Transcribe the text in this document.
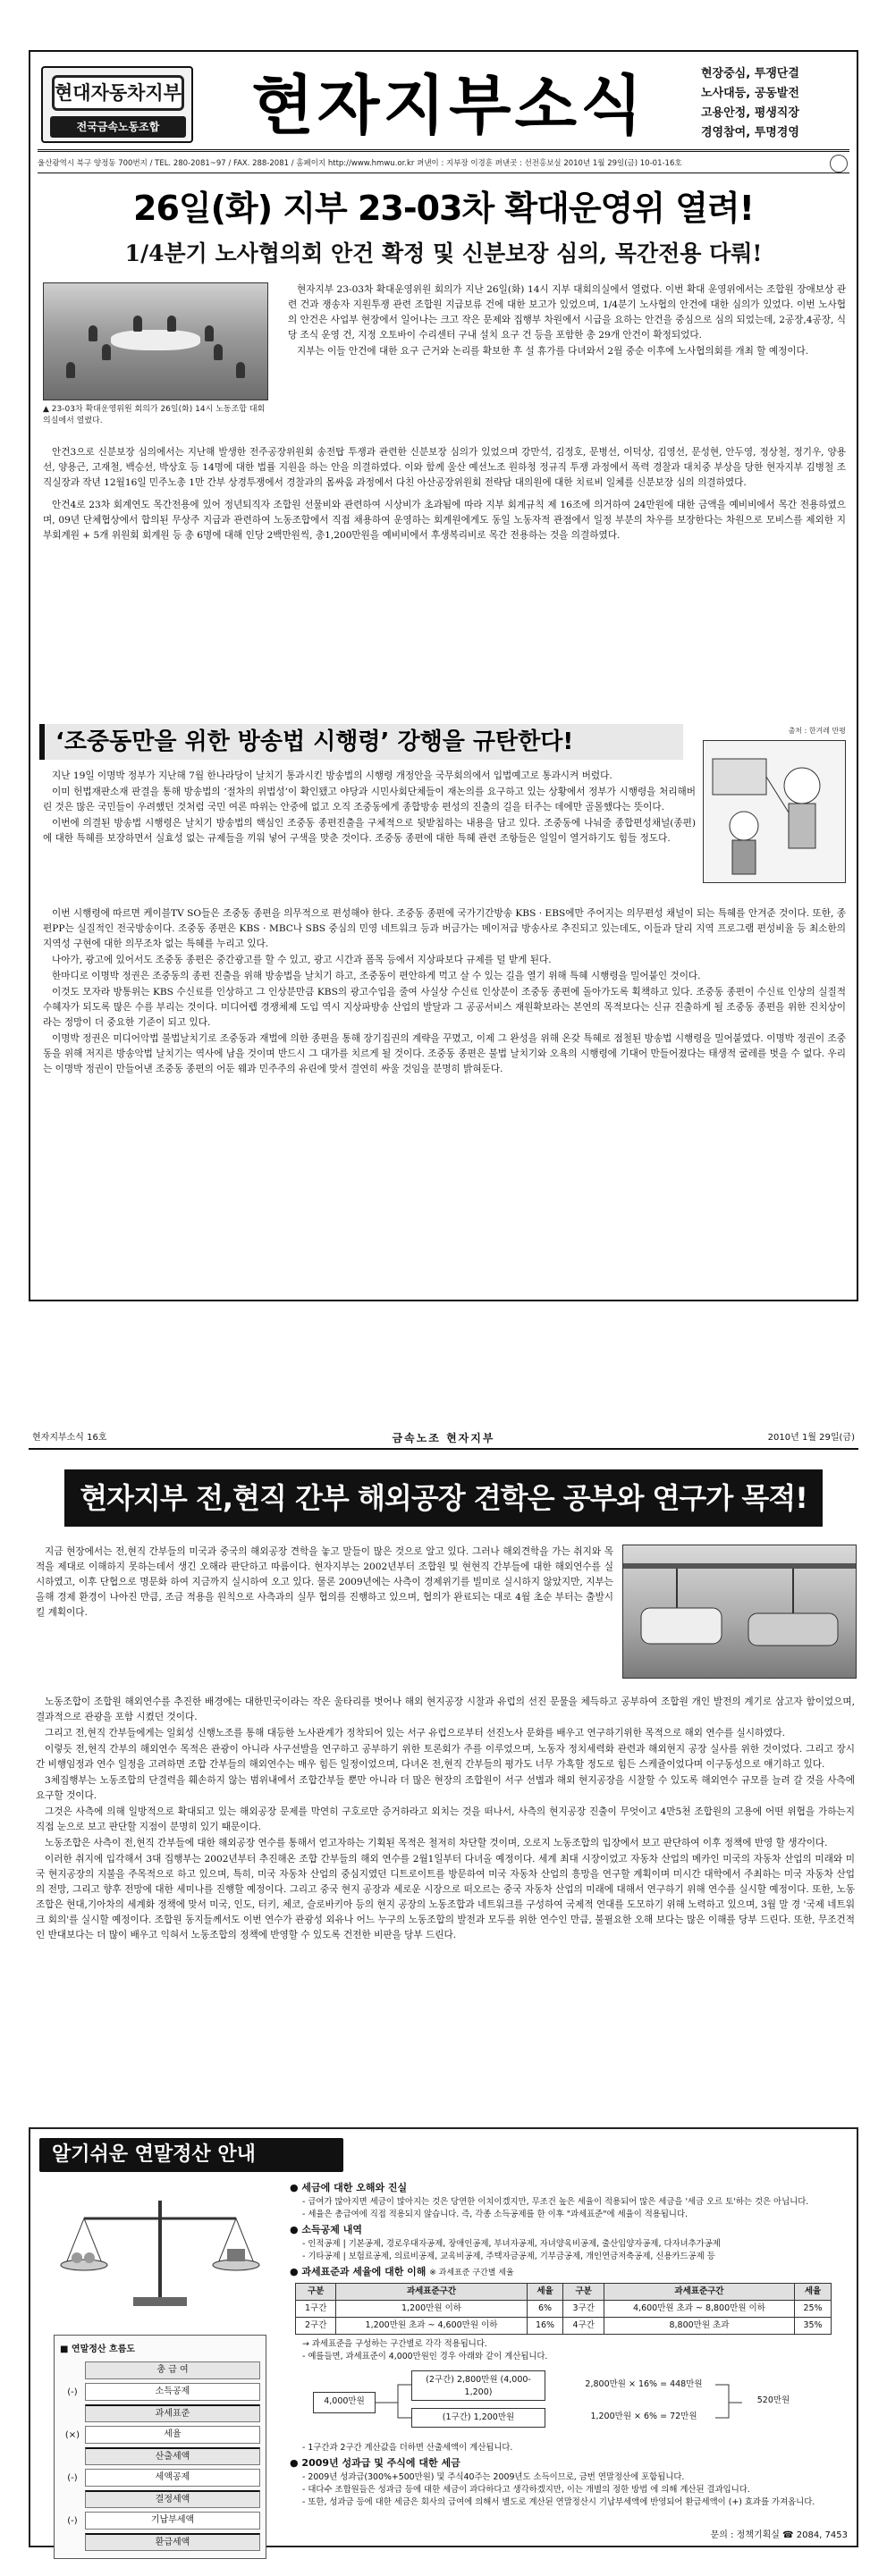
현대자동차지부
전국금속노동조합	현자지부소식	현장중심, 투쟁단결
노사대등, 공동발전
고용안정, 평생직장
경영참여, 투명경영
울산광역시 북구 양정동 700번지 / TEL. 280-2081~97 / FAX. 288-2081 / 홈페이지 http://www.hmwu.or.kr 펴낸이 : 지부장 이경훈 펴낸곳 : 선전홍보실 2010년 1월 29일(금) 10-01-16호
26일(화) 지부 23-03차 확대운영위 열려!
1/4분기 노사협의회 안건 확정 및 신분보장 심의, 목간전용 다뤄!
▲ 23-03차 확대운영위원 회의가 26일(화) 14시 노동조합 대회의실에서 열렸다.

현자지부 23-03차 확대운영위원 회의가 지난 26일(화) 14시 지부 대회의실에서 열렸다. 이번 확대 운영위에서는 조합원 장애보상 관련 건과 쟁송자 지원투쟁 관련 조합원 지급보류 건에 대한 보고가 있었으며, 1/4분기 노사협의 안건에 대한 심의가 있었다. 이번 노사협의 안건은 사업부 현장에서 일어나는 크고 작은 문제와 집행부 차원에서 시급을 요하는 안건을 중심으로 심의 되었는데, 2공장,4공장, 식당 조식 운영 건, 지정 오토바이 수리센터 구내 설치 요구 건 등을 포함한 총 29개 안건이 확정되었다.

지부는 이들 안건에 대한 요구 근거와 논리를 확보한 후 설 휴가를 다녀와서 2월 중순 이후에 노사협의회를 개최 할 예정이다.

안건3으로 신분보장 심의에서는 지난해 발생한 전주공장위원회 송전탑 투쟁과 관련한 신분보장 심의가 있었으며 강만석, 김정호, 문병선, 이덕상, 김영선, 문성현, 안두영, 정상철, 정기우, 양용선, 양용근, 고재철, 백승선, 박상호 등 14명에 대한 법률 지원을 하는 안을 의결하였다. 이와 함께 울산 예선노조 원하청 정규직 투쟁 과정에서 폭력 경찰과 대치중 부상을 당한 현자지부 김병철 조직실장과 작년 12월16일 민주노총 1만 간부 상경투쟁에서 경찰과의 몸싸움 과정에서 다친 아산공장위원회 전략담 대의원에 대한 치료비 일체를 신분보장 심의 의결하였다.

안건4로 23차 회계연도 목간전용에 있어 정년퇴직자 조합원 선물비와 관련하여 시상비가 초과됨에 따라 지부 회계규칙 제 16조에 의거하여 24만원에 대한 금액을 예비비에서 목간 전용하였으며, 09년 단체협상에서 합의된 무상주 지급과 관련하여 노동조합에서 직접 채용하여 운영하는 회계원에게도 동일 노동자적 관점에서 일정 부분의 차우를 보장한다는 차원으로 모비스를 제외한 지부회계원 + 5개 위원회 회계원 등 총 6명에 대해 인당 2백만원씩, 총1,200만원을 예비비에서 후생복리비로 목간 전용하는 것을 의결하였다.

‘조중동만을 위한 방송법 시행령’ 강행을 규탄한다!	출처 : 한겨레 만평

지난 19일 이명박 정부가 지난해 7월 한나라당이 날치기 통과시킨 방송법의 시행령 개정안을 국무회의에서 입법예고로 통과시켜 버렸다.

이미 헌법재판소재 판결을 통해 방송법의 ‘절차의 위법성’이 확인됐고 야당과 시민사회단체들이 재논의를 요구하고 있는 상황에서 정부가 시행령을 처리해버린 것은 많은 국민들이 우려했던 것처럼 국민 여론 따위는 안중에 없고 오직 조중동에게 종합방송 편성의 진출의 길을 터주는 데에만 골몰했다는 뜻이다.

이번에 의결된 방송법 시행령은 날치기 방송법의 핵심인 조중동 종편진출을 구체적으로 뒷받침하는 내용을 담고 있다. 조중동에 나눠줄 종합편성채널(종편)에 대한 특혜를 보장하면서 실효성 없는 규제들을 끼워 넣어 구색을 맞춘 것이다. 조중동 종편에 대한 특혜 관련 조항들은 일일이 열거하기도 힘들 정도다.

이번 시행령에 따르면 케이블TV SO들은 조중동 종편을 의무적으로 편성해야 한다. 조중동 종편에 국가기간방송 KBS · EBS에만 주어지는 의무편성 채널이 되는 특혜를 안겨준 것이다. 또한, 종편PP는 실질적인 전국방송이다. 조중동 종편은 KBS · MBC나 SBS 중심의 민영 네트워크 등과 버금가는 메이저급 방송사로 추진되고 있는데도, 이들과 달리 지역 프로그램 편성비율 등 최소한의 지역성 구현에 대한 의무조차 없는 특혜를 누리고 있다.

나아가, 광고에 있어서도 조중동 종편은 중간광고를 할 수 있고, 광고 시간과 폼목 등에서 지상파보다 규제를 덜 받게 된다.

한마디로 이명박 정권은 조중동의 종편 진출을 위해 방송법을 날치기 하고, 조중동이 편안하게 먹고 살 수 있는 길을 열기 위해 특혜 시행령을 밀어붙인 것이다.

이것도 모자라 방통위는 KBS 수신료를 인상하고 그 인상분만큼 KBS의 광고수입을 줄여 사실상 수신료 인상분이 조중동 종편에 돌아가도록 획책하고 있다. 조중동 종편이 수신료 인상의 실질적 수혜자가 되도록 많은 수를 부리는 것이다. 미디어렙 경쟁체제 도입 역시 지상파방송 산업의 발달과 그 공공서비스 재원확보라는 본연의 목적보다는 신규 진출하게 될 조중동 종편을 위한 진치상이라는 정망이 더 중요한 기준이 되고 있다.

이명박 정권은 미디어악법 불법날치기로 조중동과 재벌에 의한 종편을 통해 장기집권의 계략을 꾸몄고, 이제 그 완성을 위해 온갖 특혜로 점철된 방송법 시행령을 밀어붙였다. 이명박 정권이 조중동을 위해 저지른 방송악법 날치기는 역사에 남을 것이며 반드시 그 대가를 치르게 될 것이다. 조중동 종편은 불법 날치기와 오욕의 시행령에 기대어 만들어졌다는 태생적 굴레를 벗을 수 없다. 우리는 이명박 정권이 만들어낸 조중동 종편의 어둔 웨과 민주주의 유린에 맞서 결연히 싸울 것임을 분명히 밝혀둔다.

금속노조 현자지부
현자지부소식 16호	2010년 1월 29일(금)
현자지부 전,현직 간부 해외공장 견학은 공부와 연구가 목적!

지금 현장에서는 전,현직 간부들의 미국과 중국의 해외공장 견학을 놓고 말들이 많은 것으로 알고 있다. 그러나 해외견학을 가는 취지와 목적을 제대로 이해하지 못하는데서 생긴 오해라 판단하고 따름이다. 현자지부는 2002년부터 조합원 및 현현직 간부들에 대한 해외연수를 실시하였고, 이후 단협으로 명문화 하여 지금까지 실시하여 오고 있다. 물론 2009년에는 사측이 경제위기를 빌미로 실시하지 않았지만, 지부는 올해 경제 환경이 나아진 만큼, 조금 적용을 원칙으로 사측과의 실무 협의를 진행하고 있으며, 협의가 완료되는 대로 4월 초순 부터는 출발시킬 계획이다.

노동조합이 조합원 해외연수를 추진한 배경에는 대한민국이라는 작은 울타리를 벗어나 해외 현지공장 시찰과 유럽의 선진 문물을 체득하고 공부하여 조합원 개인 발전의 계기로 삼고자 함이었으며, 결과적으로 관광을 포함 시켰던 것이다.

그리고 전,현직 간부들에게는 일회성 신행노조를 통해 대등한 노사관계가 정착되어 있는 서구 유럽으로부터 선진노사 문화를 배우고 연구하기위한 목적으로 해외 연수를 실시하였다.

이렇듯 전,현직 간부의 해외연수 목적은 관광이 아니라 사구선발을 연구하고 공부하기 위한 토론회가 주를 이루었으며, 노동자 정치세력화 관련과 해외현지 공장 실사를 위한 것이었다. 그리고 장시간 비행임정과 연수 일정을 고려하면 조합 간부들의 해외연수는 매우 힘든 일정이었으며, 다녀온 전,현직 간부들의 평가도 너무 가혹할 정도로 힘든 스케쥴이었다며 이구동성으로 얘기하고 있다.

3체집행부는 노동조합의 단결력을 훼손하지 않는 범위내에서 조합간부들 뿐만 아니라 더 많은 현장의 조합원이 서구 선볍과 해외 현지공장을 시찰할 수 있도록 해외연수 규모를 늘려 갈 것을 사측에 요구할 것이다.

그것은 사측에 의해 일방적으로 확대되고 있는 해외공장 문제를 막연히 구호로만 증거하라고 외치는 것을 떠나서, 사측의 현지공장 진출이 무엇이고 4만5천 조합원의 고용에 어떤 위협을 가하는지 직접 눈으로 보고 판단할 지점이 분명히 있기 때문이다.

노동조합은 사측이 전,현직 간부들에 대한 해외공장 연수를 통해서 얻고자하는 기획된 목적은 철저히 차단할 것이며, 오로지 노동조합의 입장에서 보고 판단하여 이후 정책에 반영 할 생각이다.

이러한 취지에 입각해서 3대 집행부는 2002년부터 추진해온 조합 간부들의 해외 연수를 2월1일부터 다녀올 예정이다. 세계 최대 시장이었고 자동차 산업의 메카인 미국의 자동차 산업의 미래와 미국 현지공장의 지불을 주목적으로 하고 있으며, 특히, 미국 자동차 산업의 중심지였던 디트로이트를 방문하여 미국 자동차 산업의 흥망을 연구할 계획이며 미시간 대학에서 주최하는 미국 자동차 산업의 전망, 그리고 향후 전망에 대한 세미나를 진행할 예정이다. 그리고 중국 현지 공장과 세로운 시장으로 떠오르는 중국 자동차 산업의 미래에 대해서 연구하기 위해 연수를 실시할 예정이다. 또한, 노동조합은 현대,기아차의 세계화 정책에 맞서 미국, 인도, 터키, 체코, 슬로바키아 등의 현지 공장의 노동조합과 네트워크를 구성하여 국제적 연대를 도모하기 위해 노력하고 있으며, 3월 말 경 '국제 네트워크 회의'를 실시할 예정이다. 조합원 동지들께서도 이번 연수가 관광성 외유나 어느 누구의 노동조합의 발전과 모두를 위한 연수인 만큼, 불필요한 오해 보다는 많은 이해를 당부 드린다. 또한, 무조건적인 반대보다는 더 많이 배우고 익혀서 노동조합의 정책에 반영할 수 있도록 건전한 비판을 당부 드린다.

알기쉬운 연말정산 안내
■ 연말정산 흐름도
총 급 여
(-)	소득공제
과세표준
(×)	세율
산출세액
(-)	세액공제
결정세액
(-)	기납부세액
환급세액
● 세금에 대한 오해와 진실
- 급여가 많아지면 세금이 많아지는 것은 당연한 이치이겠지만, 무조건 높은 세율이 적용되어 많은 세금을 '세금 오르 토'하는 것은 아닙니다.
- 세율은 총급여에 직접 적용되지 않습니다. 즉, 각종 소득공제를 한 이후 "과세표준"에 세율이 적용됩니다.
● 소득공제 내역
- 인적공제 | 기본공제, 경로우대자공제, 장애인공제, 부녀자공제, 자녀양육비공제, 출산입양자공제, 다자녀추가공제
- 기타공제 | 보험료공제, 의료비공제, 교육비공제, 주택자금공제, 기부금공제, 개인연금저축공제, 신용카드공제 등
● 과세표준과 세율에 대한 이해 ※ 과세표준 구간별 세율
구분	과세표준구간	세율	구분	과세표준구간	세율
1구간	1,200만원 이하	6%	3구간	4,600만원 초과 ~ 8,800만원 이하	25%
2구간	1,200만원 초과 ~ 4,600만원 이하	16%	4구간	8,800만원 초과	35%
→ 과세표준을 구성하는 구간별로 각각 적용됩니다.
- 예를들면, 과세표준이 4,000만원인 경우 아래와 같이 계산됩니다.
4,000만원
(2구간) 2,800만원 (4,000-1,200)
(1구간) 1,200만원
2,800만원 × 16% = 448만원
1,200만원 × 6% = 72만원
520만원
- 1구간과 2구간 계산값을 더하면 산출세액이 계산됩니다.
● 2009년 성과급 및 주식에 대한 세금
- 2009년 성과급(300%+500만원) 및 주식40주는 2009년도 소득이므로, 금번 연말정산에 포함됩니다.
- 대다수 조합원들은 성과급 등에 대한 세금이 과다하다고 생각하겠지만, 이는 개별의 정한 방법 에 의해 계산된 결과입니다.
- 또한, 성과금 등에 대한 세금은 회사의 급여에 의해서 별도로 계산된 연말정산시 기납부세액에 반영되어 환급세액이 (+) 효과를 가져옵니다.
문의 : 정책기획실 ☎ 2084, 7453
